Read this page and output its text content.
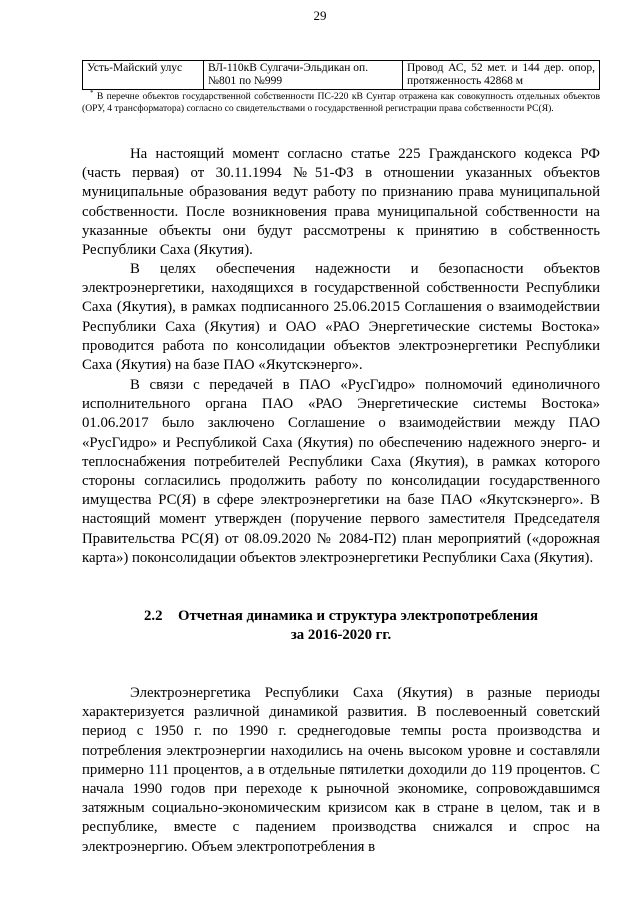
29
Усть-Майский улус	ВЛ-110кВ Сулгачи-Эльдикан оп. №801 по №999	Провод АС, 52 мет. и 144 дер. опор, протяженность 42868 м
* В перечне объектов государственной собственности ПС-220 кВ Сунтар отражена как совокупность отдельных объектов (ОРУ, 4 трансформатора) согласно со свидетельствами о государственной регистрации права собственности РС(Я).

На настоящий момент согласно статье 225 Гражданского кодекса РФ (часть первая) от 30.11.1994 №51-ФЗ в отношении указанных объектов муниципальные образования ведут работу по признанию права муниципальной собственности. После возникновения права муниципальной собственности на указанные объекты они будут рассмотрены к принятию в собственность Республики Саха (Якутия).

В целях обеспечения надежности и безопасности объектов электроэнергетики, находящихся в государственной собственности Республики Саха (Якутия), в рамках подписанного 25.06.2015 Соглашения о взаимодействии Республики Саха (Якутия) и ОАО «РАО Энергетические системы Востока» проводится работа по консолидации объектов электроэнергетики Республики Саха (Якутия) на базе ПАО «Якутскэнерго».

В связи с передачей в ПАО «РусГидро» полномочий единоличного исполнительного органа ПАО «РАО Энергетические системы Востока» 01.06.2017 было заключено Соглашение о взаимодействии между ПАО «РусГидро» и Республикой Саха (Якутия) по обеспечению надежного энерго- и теплоснабжения потребителей Республики Саха (Якутия), в рамках которого стороны согласились продолжить работу по консолидации государственного имущества РС(Я) в сфере электроэнергетики на базе ПАО «Якутскэнерго». В настоящий момент утвержден (поручение первого заместителя Председателя Правительства РС(Я) от 08.09.2020 № 2084-П2) план мероприятий («дорожная карта») поконсолидации объектов электроэнергетики Республики Саха (Якутия).

2.2 Отчетная динамика и структура электропотребления
за 2016-2020 гг.

Электроэнергетика Республики Саха (Якутия) в разные периоды характеризуется различной динамикой развития. В послевоенный советский период с 1950 г. по 1990 г. среднегодовые темпы роста производства и потребления электроэнергии находились на очень высоком уровне и составляли примерно 111 процентов, а в отдельные пятилетки доходили до 119 процентов. С начала 1990 годов при переходе к рыночной экономике, сопровождавшимся затяжным социально-экономическим кризисом как в стране в целом, так и в республике, вместе с падением производства снижался и спрос на электроэнергию. Объем электропотребления в
